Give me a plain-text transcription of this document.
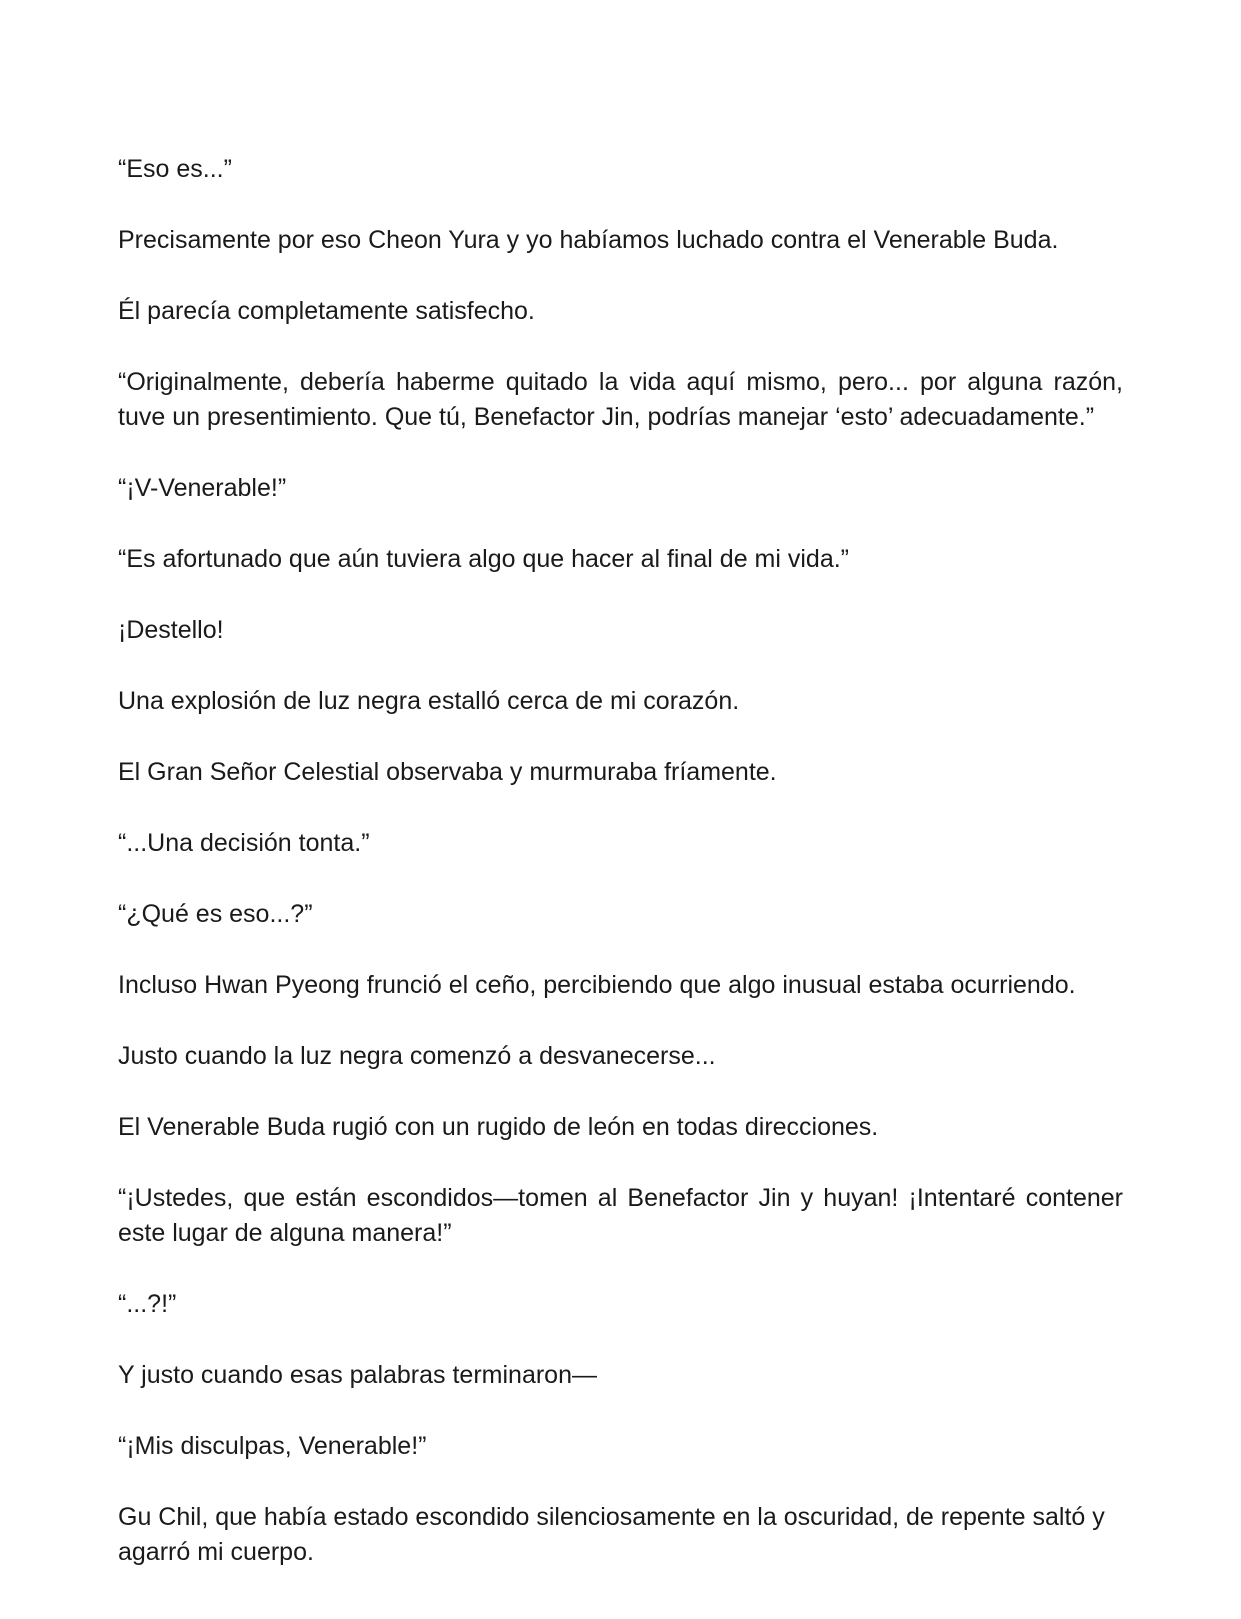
“Eso es...”

Precisamente por eso Cheon Yura y yo habíamos luchado contra el Venerable Buda.

Él parecía completamente satisfecho.

“Originalmente, debería haberme quitado la vida aquí mismo, pero... por alguna razón, tuve un presentimiento. Que tú, Benefactor Jin, podrías manejar ‘esto’ adecuadamente.”

“¡V-Venerable!”

“Es afortunado que aún tuviera algo que hacer al final de mi vida.”

¡Destello!

Una explosión de luz negra estalló cerca de mi corazón.

El Gran Señor Celestial observaba y murmuraba fríamente.

“...Una decisión tonta.”

“¿Qué es eso...?”

Incluso Hwan Pyeong frunció el ceño, percibiendo que algo inusual estaba ocurriendo.

Justo cuando la luz negra comenzó a desvanecerse...

El Venerable Buda rugió con un rugido de león en todas direcciones.

“¡Ustedes, que están escondidos—tomen al Benefactor Jin y huyan! ¡Intentaré contener este lugar de alguna manera!”

“...?!”

Y justo cuando esas palabras terminaron—

“¡Mis disculpas, Venerable!”

Gu Chil, que había estado escondido silenciosamente en la oscuridad, de repente saltó y agarró mi cuerpo.
